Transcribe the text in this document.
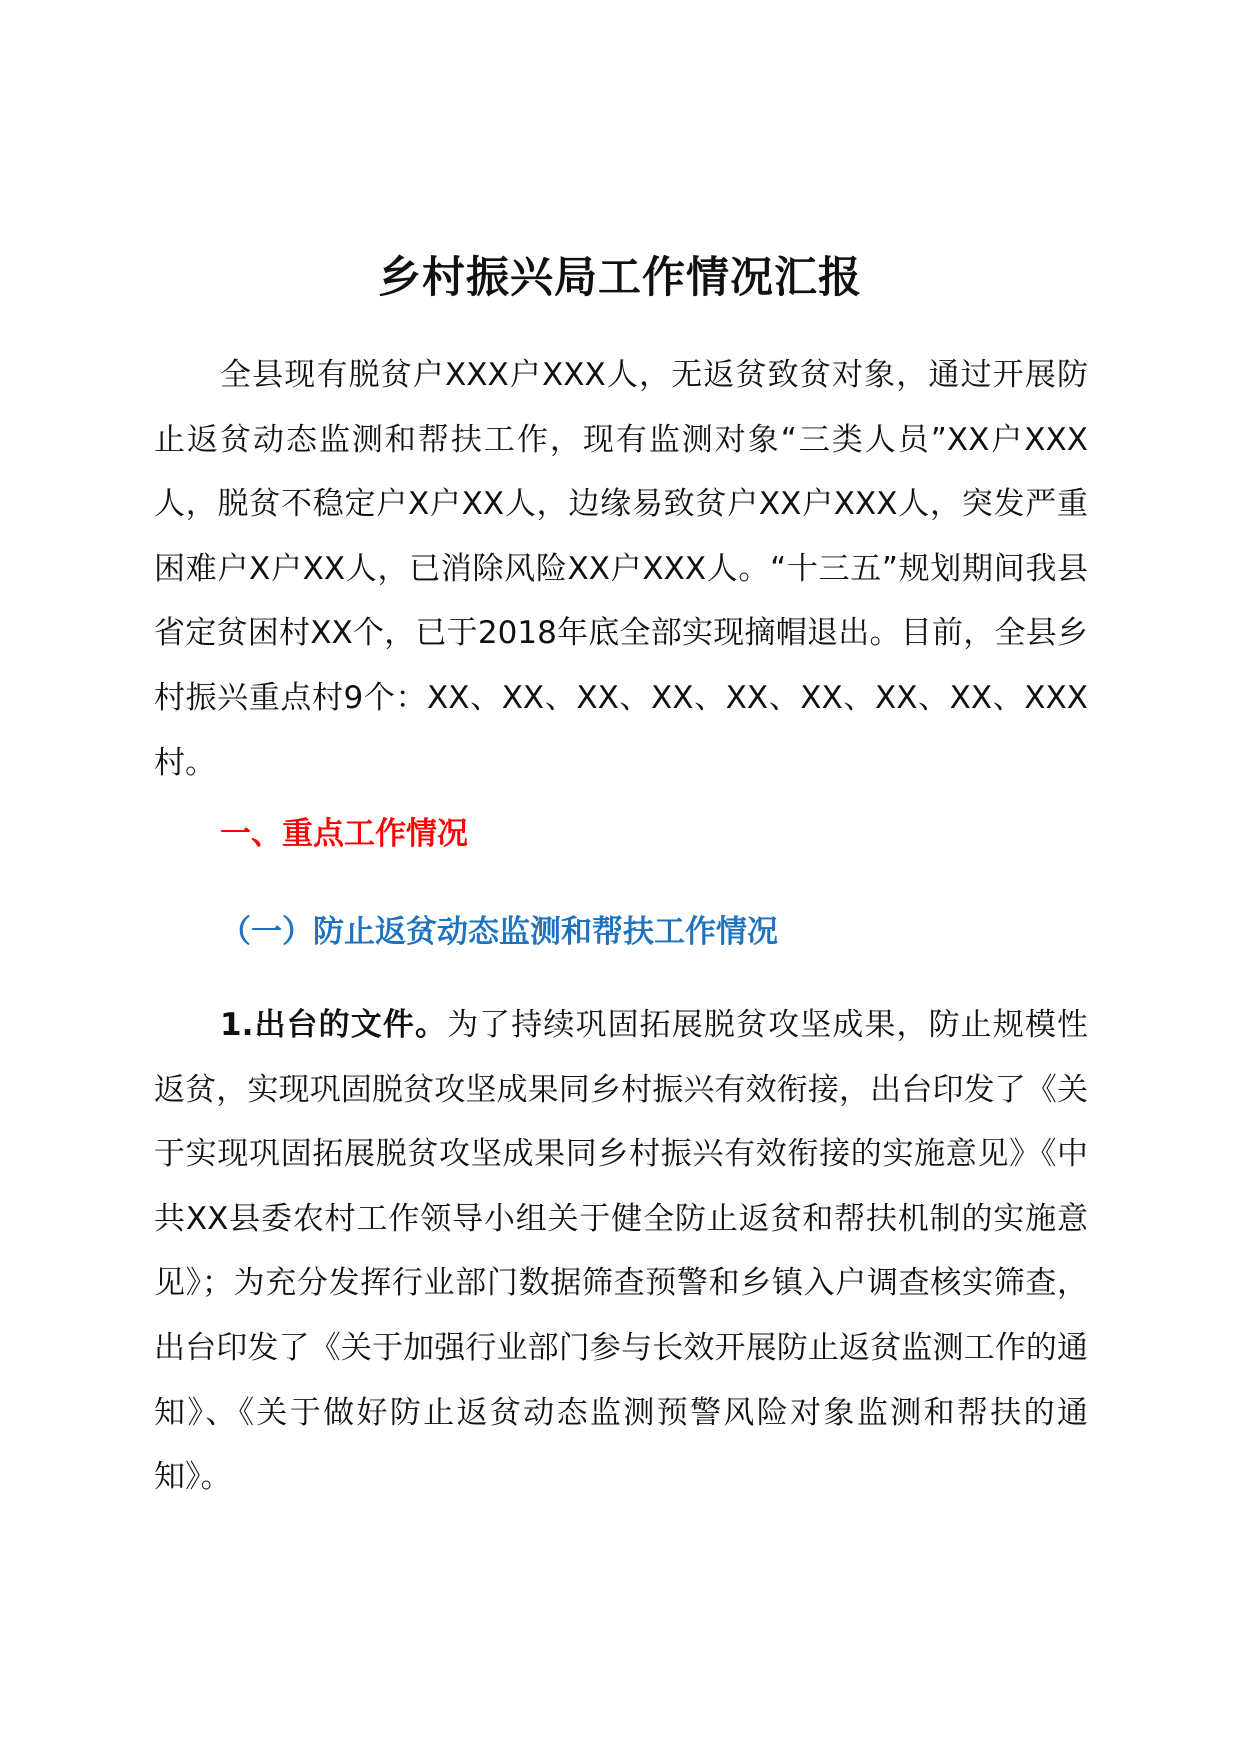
乡村振兴局工作情况汇报

全县现有脱贫户XXX户XXX人，无返贫致贫对象，通过开展防止返贫动态监测和帮扶工作，现有监测对象“三类人员”XX户XXX人，脱贫不稳定户X户XX人，边缘易致贫户XX户XXX人，突发严重困难户X户XX人，已消除风险XX户XXX人。“十三五”规划期间我县省定贫困村XX个，已于2018年底全部实现摘帽退出。目前，全县乡村振兴重点村9个：XX、XX、XX、XX、XX、XX、XX、XX、XXX村。

一、重点工作情况
（一）防止返贫动态监测和帮扶工作情况

1.出台的文件。为了持续巩固拓展脱贫攻坚成果，防止规模性返贫，实现巩固脱贫攻坚成果同乡村振兴有效衔接，出台印发了《关于实现巩固拓展脱贫攻坚成果同乡村振兴有效衔接的实施意见》《中共XX县委农村工作领导小组关于健全防止返贫和帮扶机制的实施意见》；为充分发挥行业部门数据筛查预警和乡镇入户调查核实筛查，出台印发了《关于加强行业部门参与长效开展防止返贫监测工作的通知》、《关于做好防止返贫动态监测预警风险对象监测和帮扶的通知》。
